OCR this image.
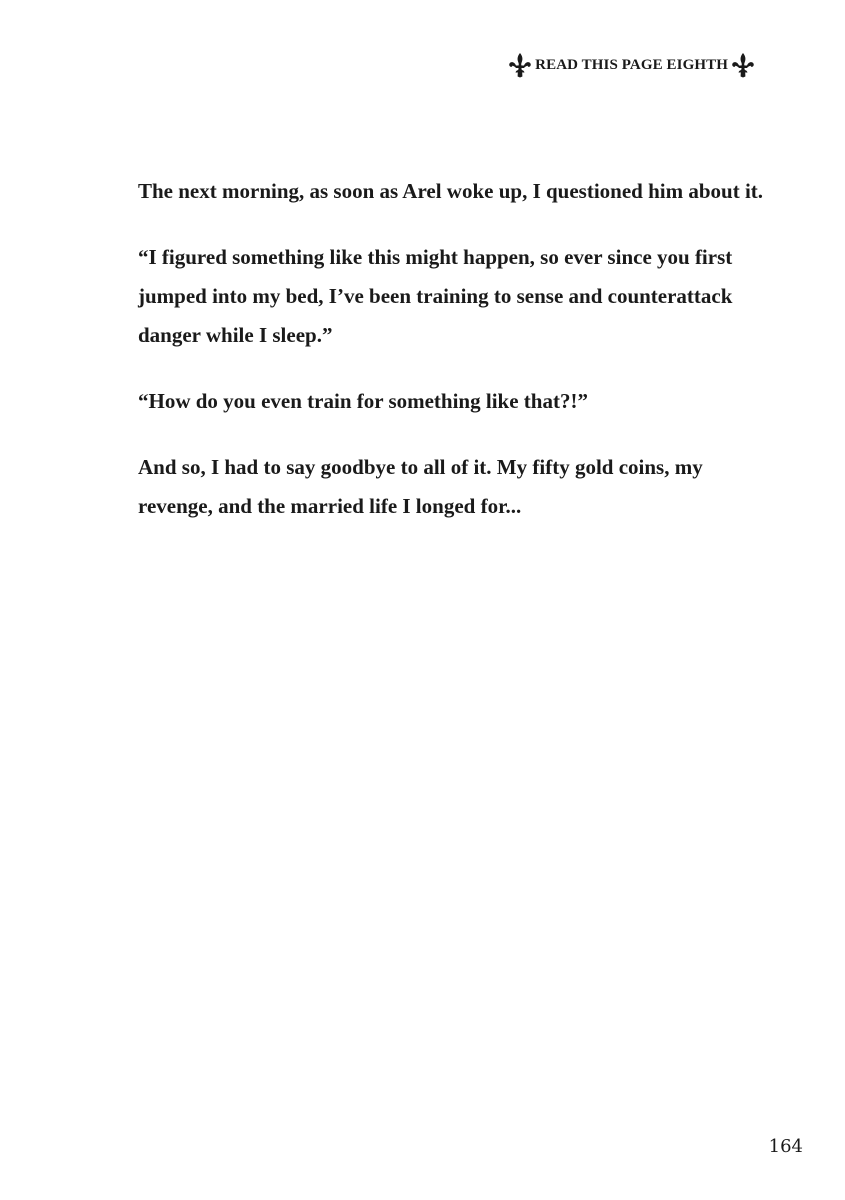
READ THIS PAGE EIGHTH

The next morning, as soon as Arel woke up, I questioned him about it.

“I figured something like this might happen, so ever since you first jumped into my bed, I’ve been training to sense and counterattack danger while I sleep.”

“How do you even train for something like that?!”

And so, I had to say goodbye to all of it. My fifty gold coins, my revenge, and the married life I longed for...

164
